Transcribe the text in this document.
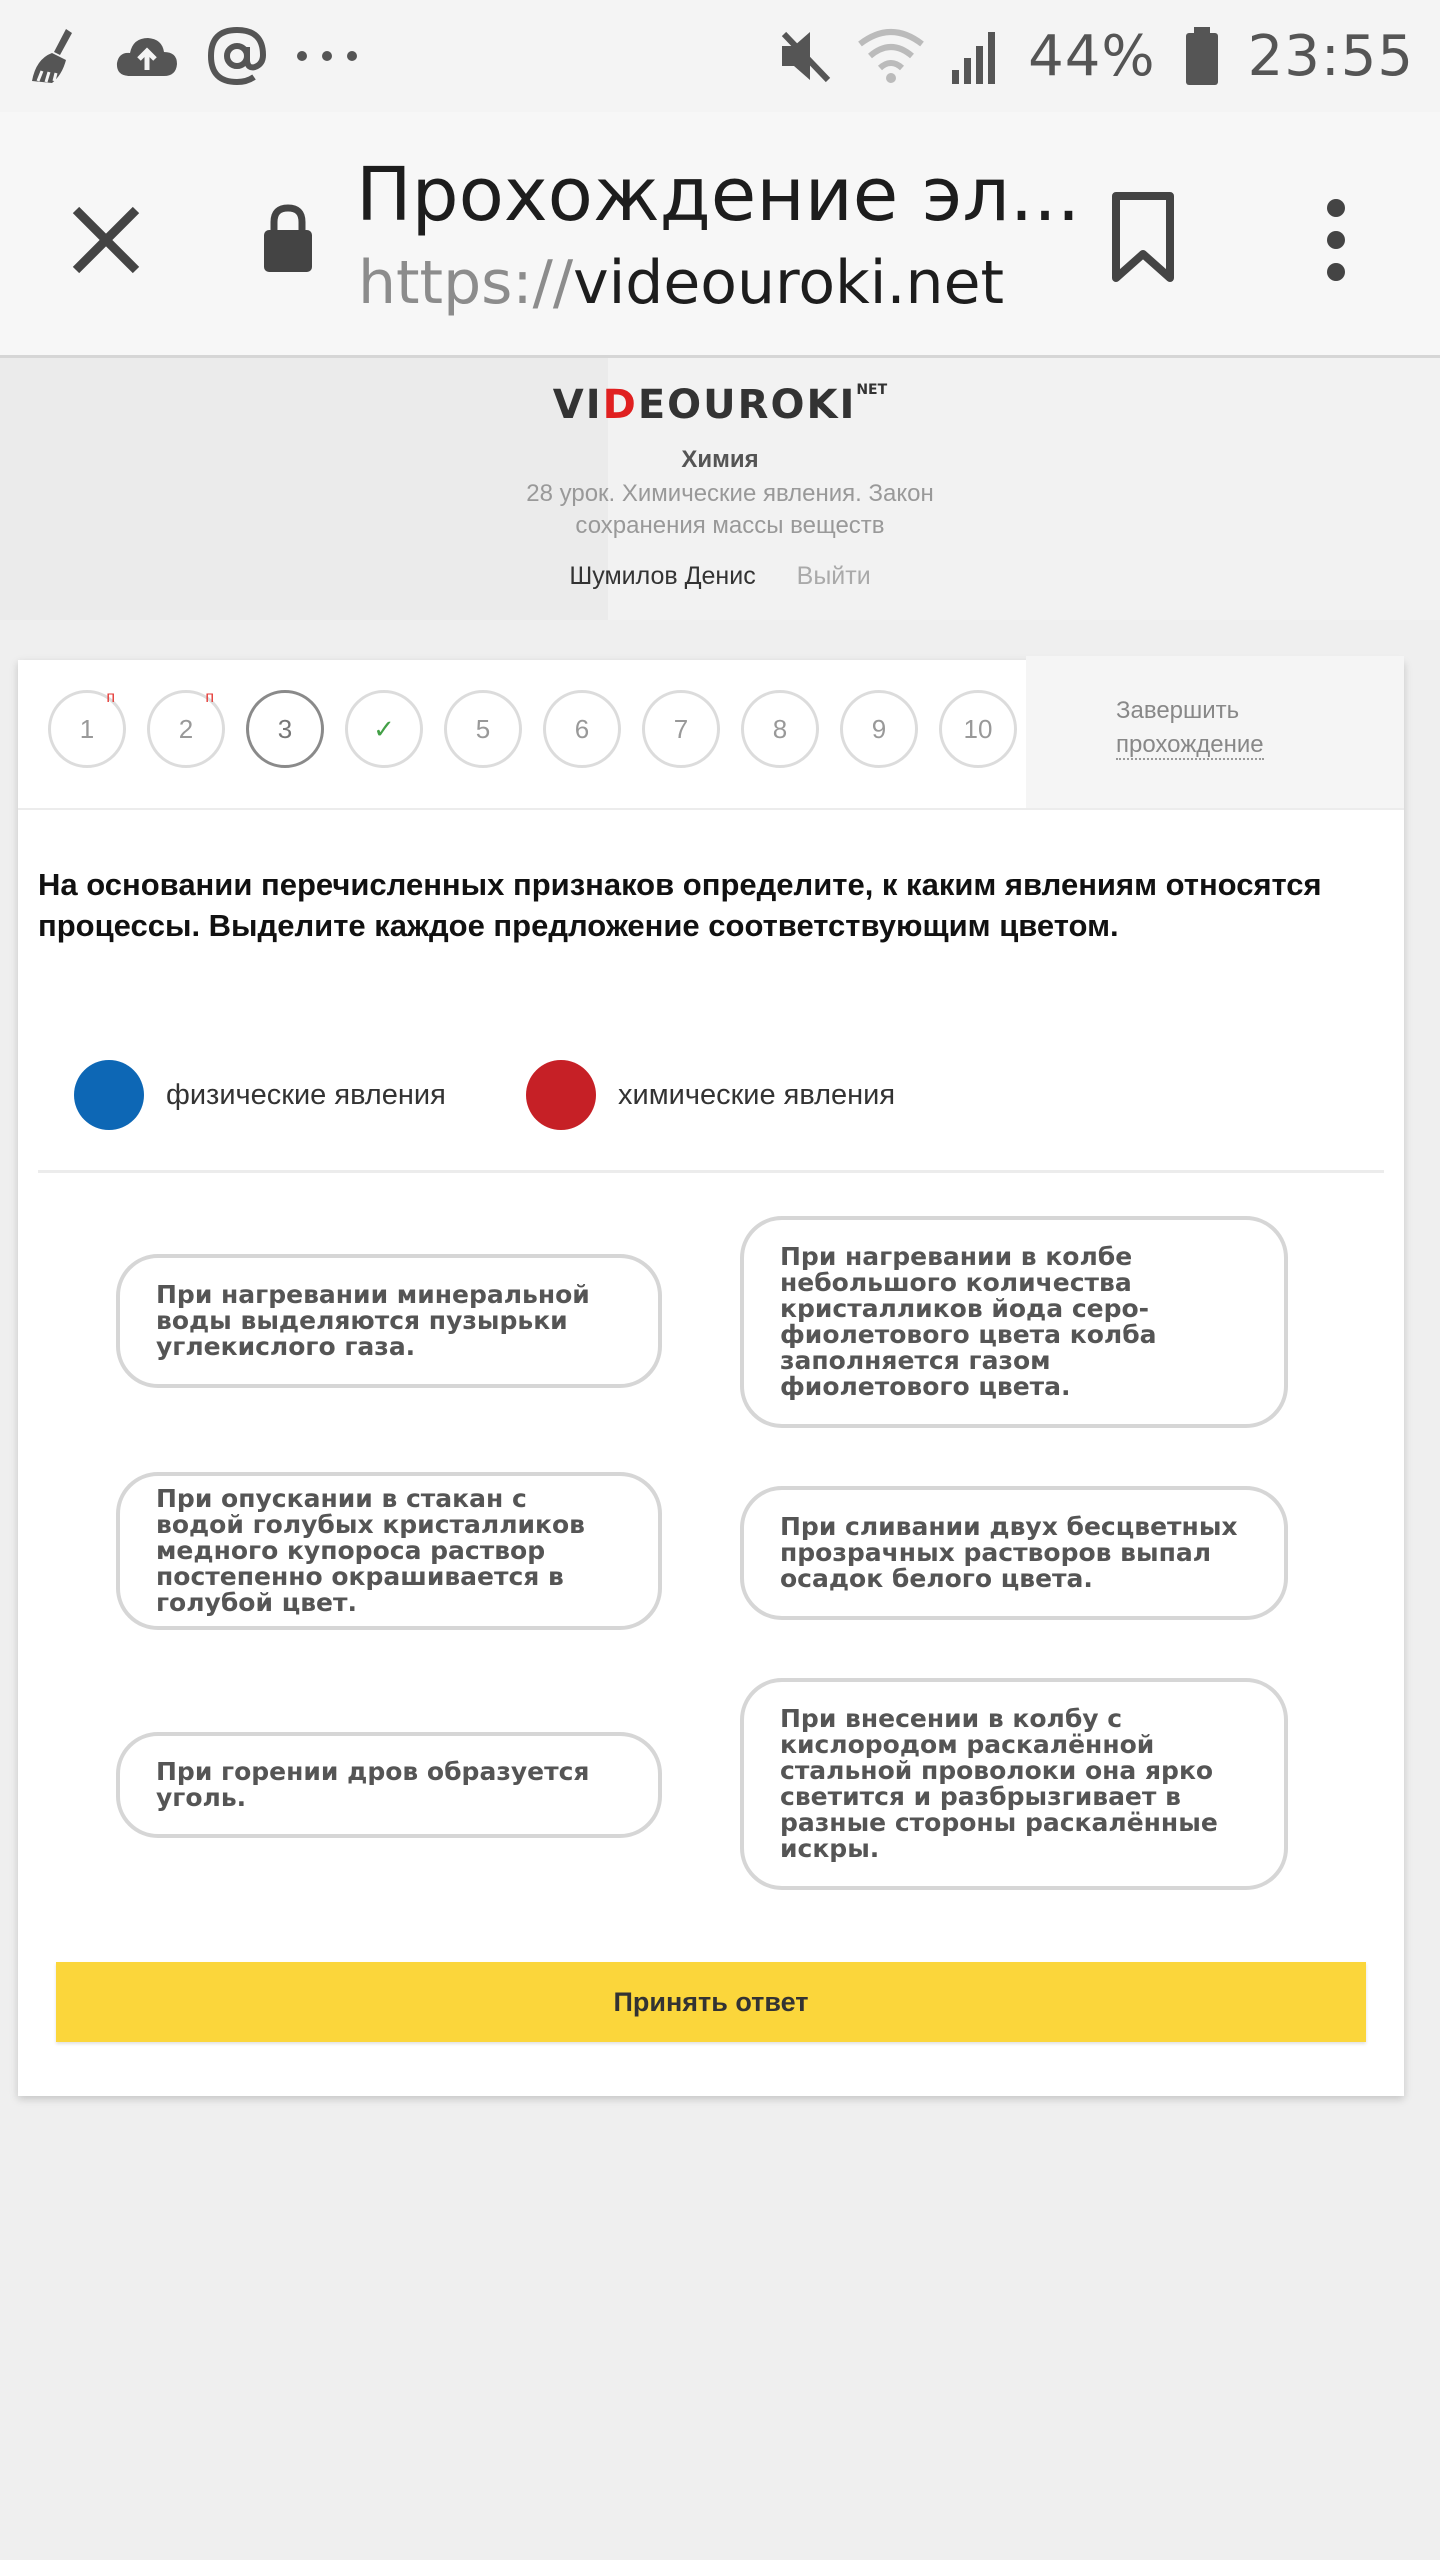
44% 23:55
Прохождение эл...
https://videouroki.net
$VIDEOUROKI^{NET}$
Химия
28 урок. Химические явления. Закон сохранения массы веществ
Шумилов Денис Выйти
1
п
2
п
3	✓	5	6	7	8	9	10
Завершить
прохождение
На основании перечисленных признаков определите, к каким явлениям относятся процессы. Выделите каждое предложение соответствующим цветом.
физические явления	химические явления
При нагревании минеральной воды выделяются пузырьки углекислого газа.
При нагревании в колбе небольшого количества кристалликов йода серо-фиолетового цвета колба заполняется газом фиолетового цвета.
При опускании в стакан с водой голубых кристалликов медного купороса раствор постепенно окрашивается в голубой цвет.
При сливании двух бесцветных прозрачных растворов выпал осадок белого цвета.
При горении дров образуется уголь.
При внесении в колбу с кислородом раскалённой стальной проволоки она ярко светится и разбрызгивает в разные стороны раскалённые искры.
Принять ответ
